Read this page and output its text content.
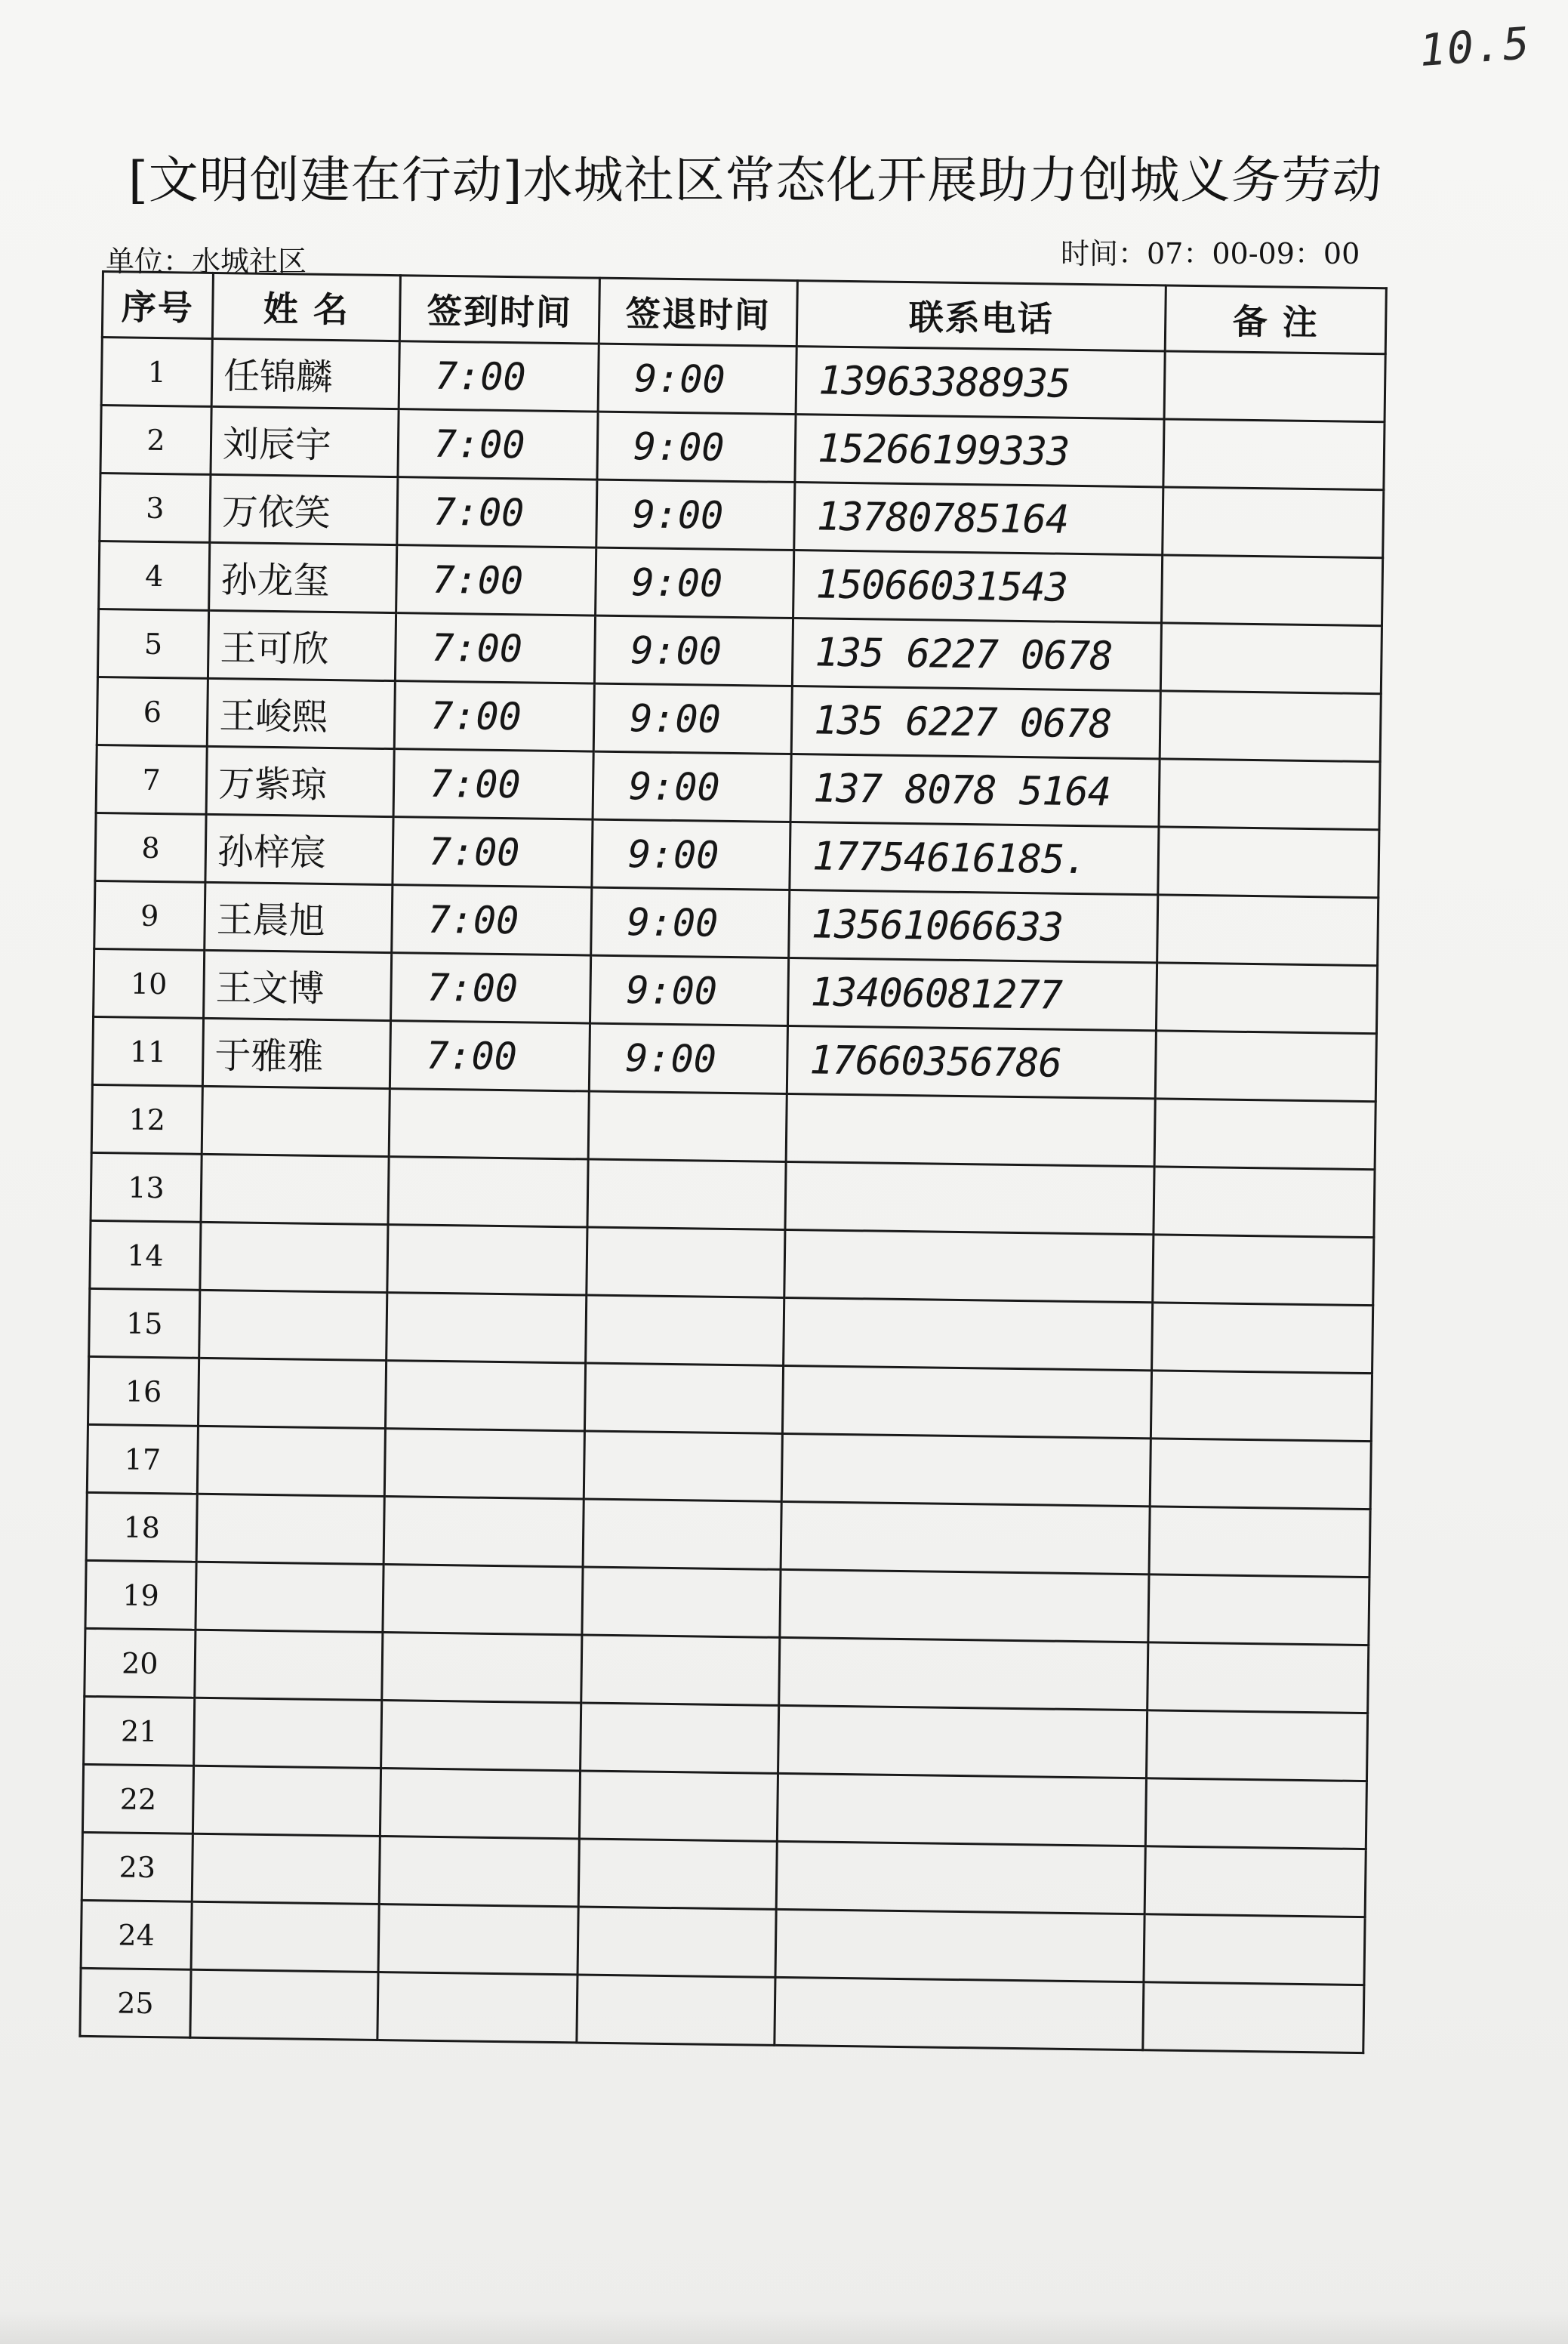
10.5
[文明创建在行动]水城社区常态化开展助力创城义务劳动
单位：水城社区	时间：07：00-09：00
序号	姓 名	签到时间	签退时间	联系电话	备 注
1	任锦麟	7:00	9:00	13963388935	
2	刘辰宇	7:00	9:00	15266199333	
3	万依笑	7:00	9:00	13780785164	
4	孙龙玺	7:00	9:00	15066031543	
5	王可欣	7:00	9:00	135 6227 0678	
6	王峻熙	7:00	9:00	135 6227 0678	
7	万紫琼	7:00	9:00	137 8078 5164	
8	孙梓宸	7:00	9:00	17754616185.	
9	王晨旭	7:00	9:00	13561066633	
10	王文博	7:00	9:00	13406081277	
11	于雅雅	7:00	9:00	17660356786	
12					
13					
14					
15					
16					
17					
18					
19					
20					
21					
22					
23					
24					
25					
